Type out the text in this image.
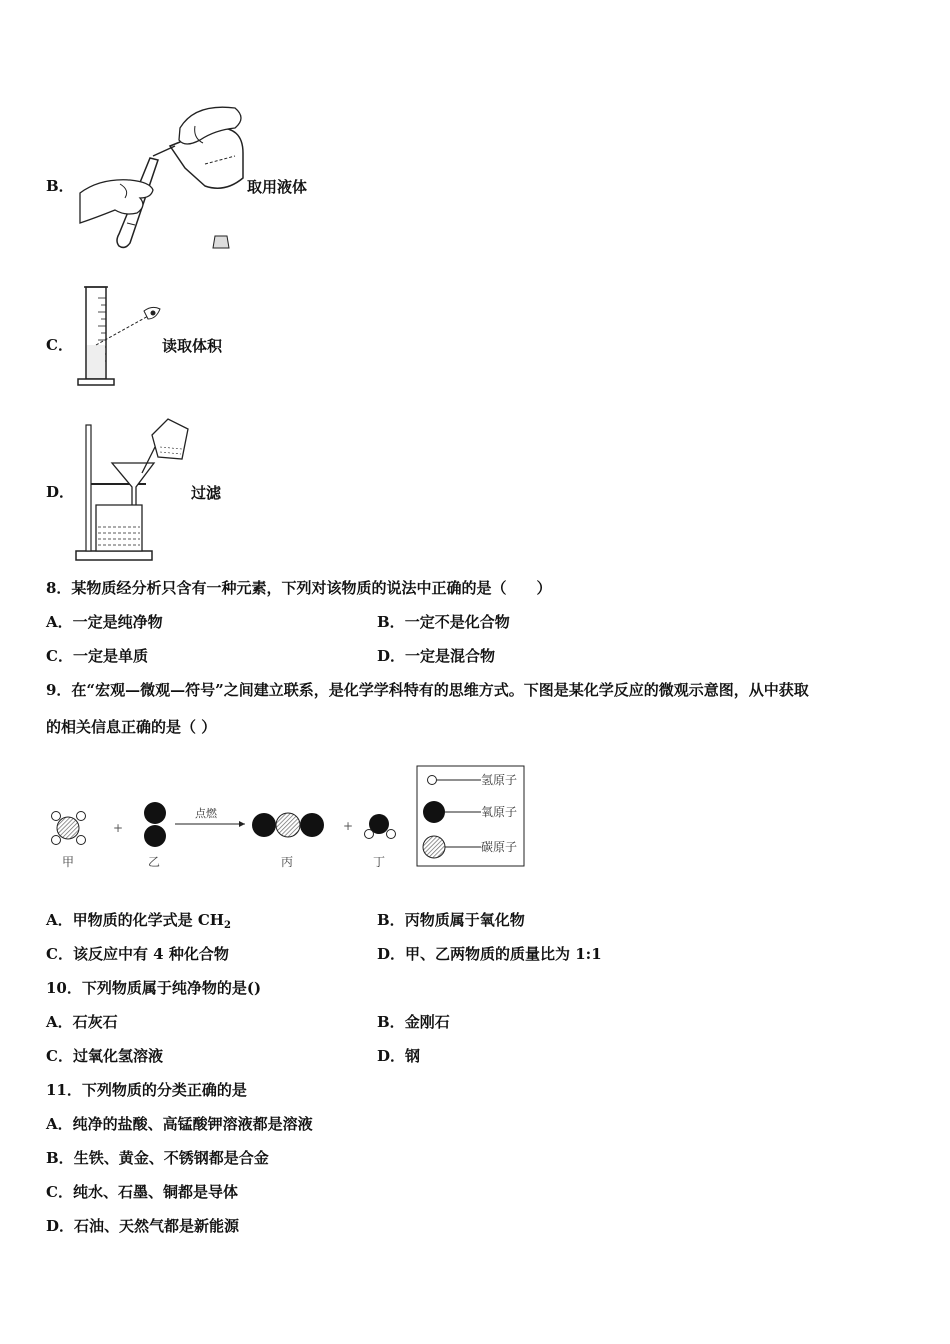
B．	取用液体
C．	读取体积
D．	过滤
8．某物质经分析只含有一种元素，下列对该物质的说法中正确的是（　　）
A．一定是纯净物	B．一定不是化合物
C．一定是单质	D．一定是混合物
9．在“宏观—微观—符号”之间建立联系，是化学学科特有的思维方式。下图是某化学反应的微观示意图，从中获取
的相关信息正确的是（ ）
+
点燃
+
甲	乙	丙	丁
氢原子
氧原子
碳原子
A．甲物质的化学式是 $CH_2$	B．丙物质属于氧化物
C．该反应中有 4 种化合物	D．甲、乙两物质的质量比为 1:1
10．下列物质属于纯净物的是()
A．石灰石	B．金刚石
C．过氧化氢溶液	D．钢
11．下列物质的分类正确的是
A．纯净的盐酸、高锰酸钾溶液都是溶液
B．生铁、黄金、不锈钢都是合金
C．纯水、石墨、铜都是导体
D．石油、天然气都是新能源
